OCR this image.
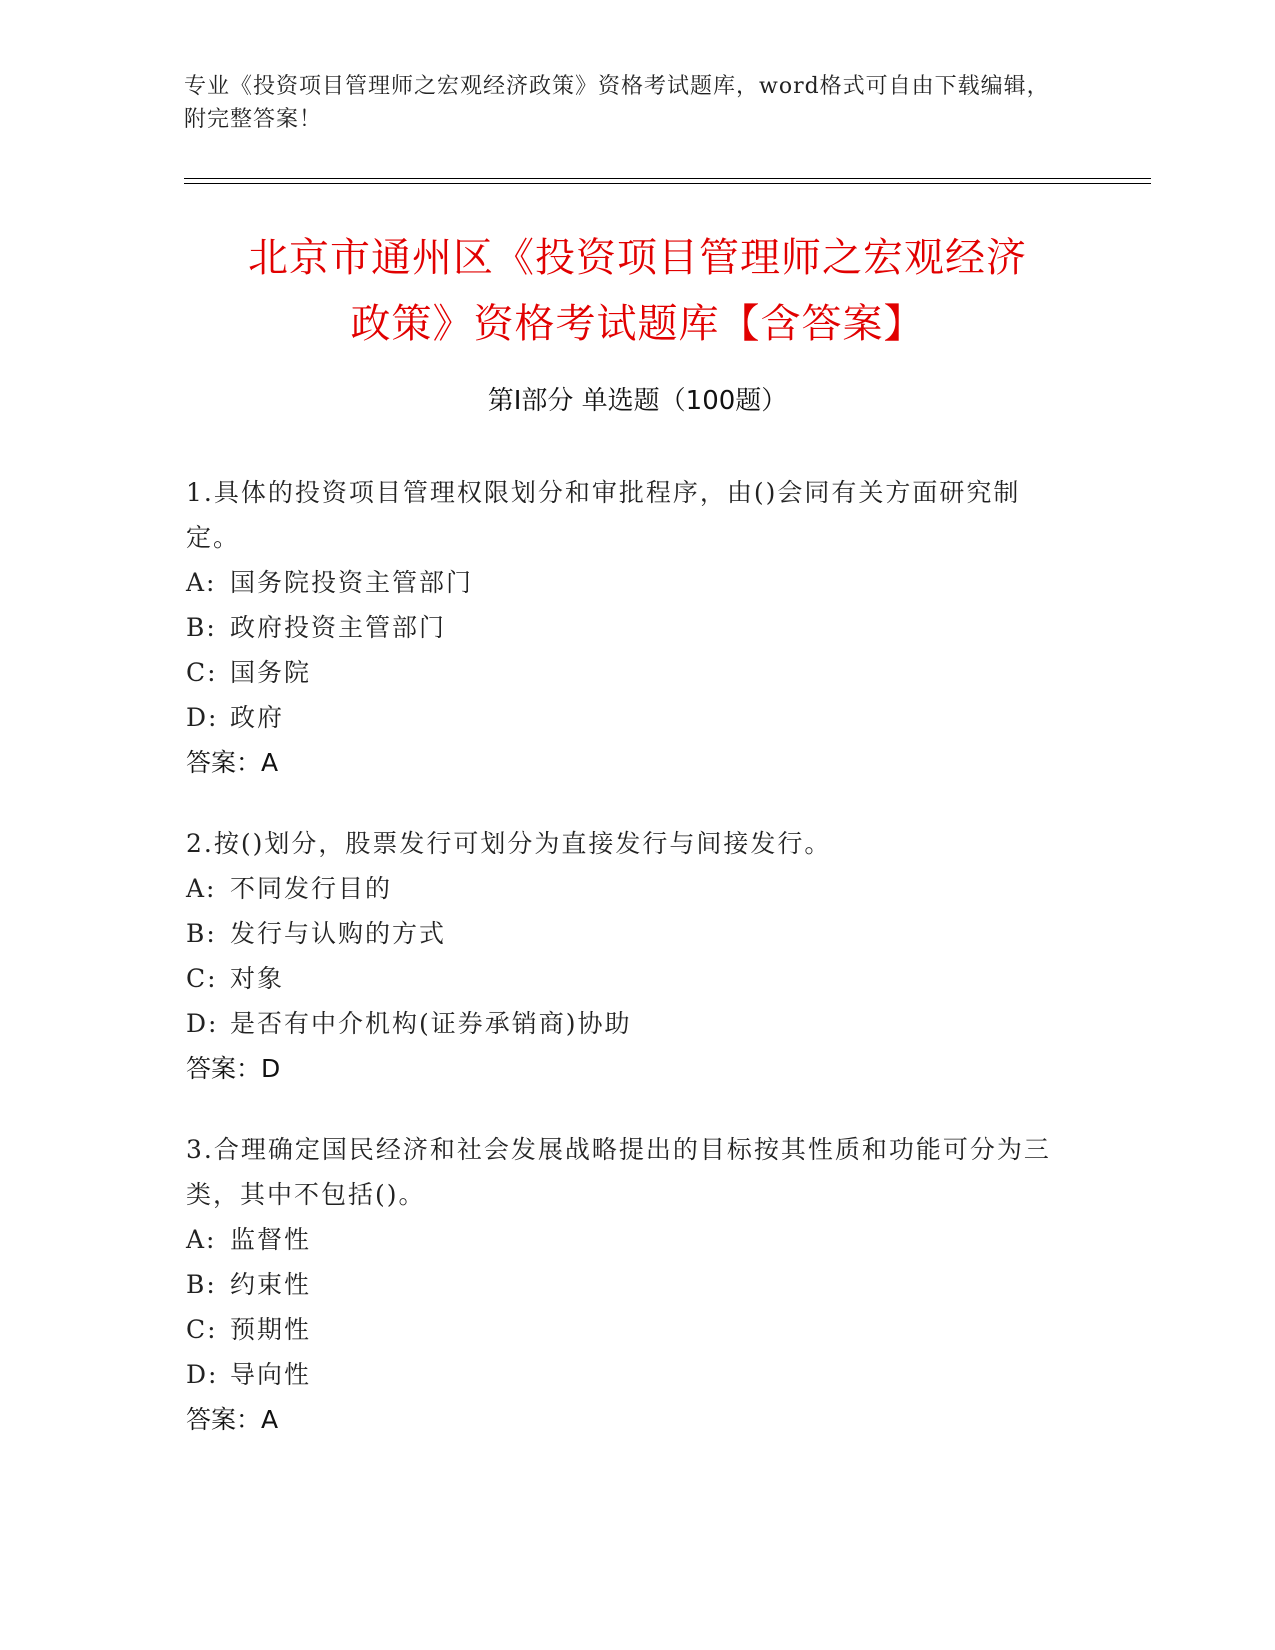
专业《投资项目管理师之宏观经济政策》资格考试题库，word格式可自由下载编辑，附完整答案！
北京市通州区《投资项目管理师之宏观经济
政策》资格考试题库【含答案】
第Ⅰ部分 单选题（100题）
1.具体的投资项目管理权限划分和审批程序，由()会同有关方面研究制定。
A: 国务院投资主管部门
B: 政府投资主管部门
C: 国务院
D: 政府
答案：A
2.按()划分，股票发行可划分为直接发行与间接发行。
A: 不同发行目的
B: 发行与认购的方式
C: 对象
D: 是否有中介机构(证券承销商)协助
答案：D
3.合理确定国民经济和社会发展战略提出的目标按其性质和功能可分为三类，其中不包括()。
A: 监督性
B: 约束性
C: 预期性
D: 导向性
答案：A
